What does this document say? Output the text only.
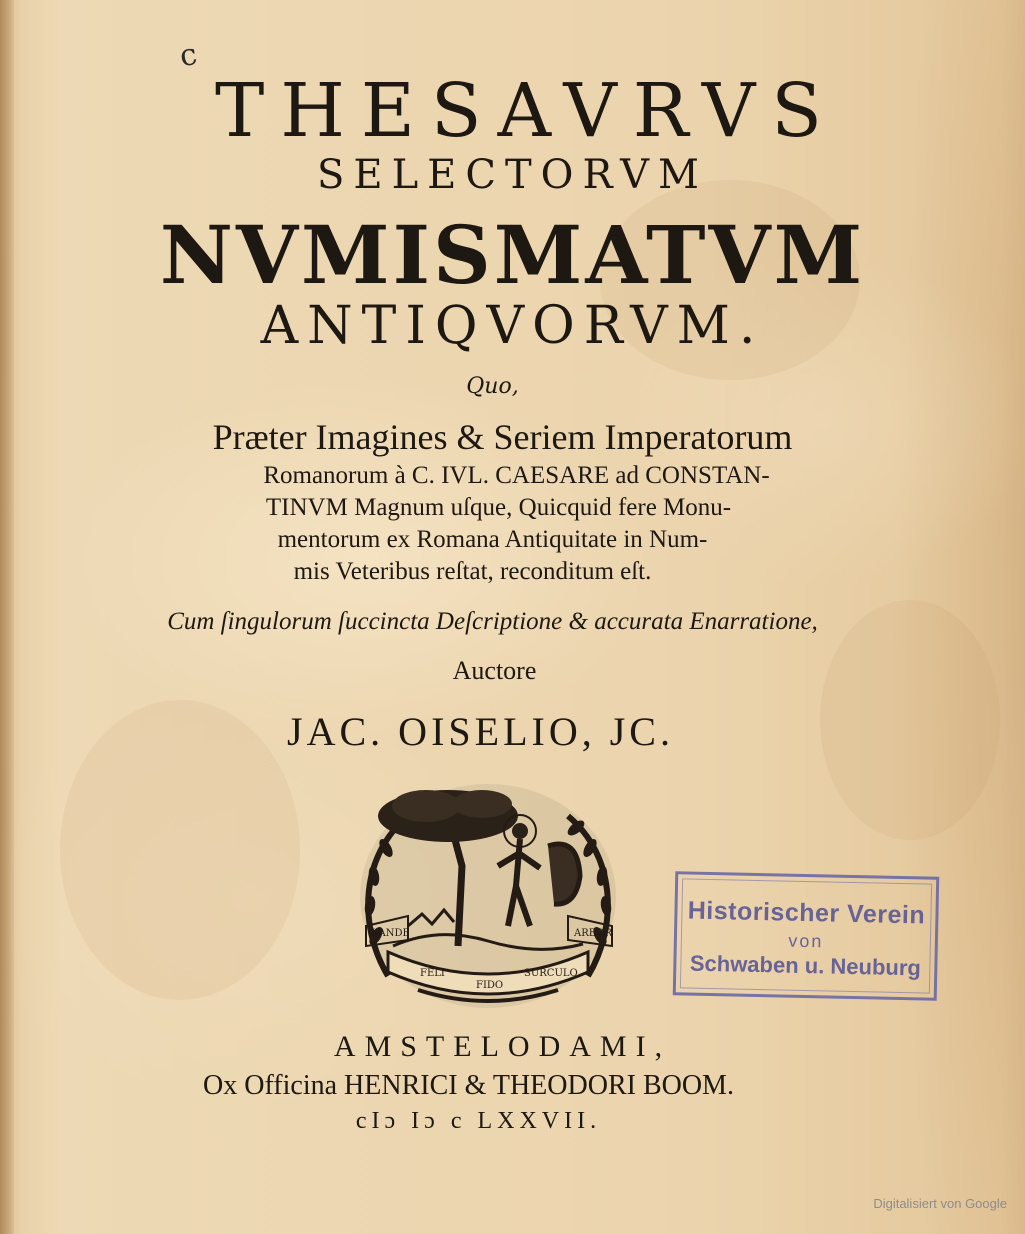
c
THESAVRVS
SELECTORVM
NVMISMATVM
ANTIQVORVM.
Quo,
Præter Imagines & Seriem Imperatorum
Romanorum à C. IVL. CAESARE ad CONSTAN-
TINVM Magnum uſque, Quicquid fere Monu-
mentorum ex Romana Antiquitate in Num-
mis Veteribus reſtat, reconditum eſt.
Cum ſingulorum ſuccincta Deſcriptione & accurata Enarratione,
Auctore
JAC. OISELIO, JC.
VANDE	ARBOR
FELI
FIDO
SURCULO
Historischer Verein
von
Schwaben u. Neuburg
AMSTELODAMI,
Ox Officina HENRICI & THEODORI BOOM.
cIɔ Iɔ c LXXVII.
Digitalisiert von Google
